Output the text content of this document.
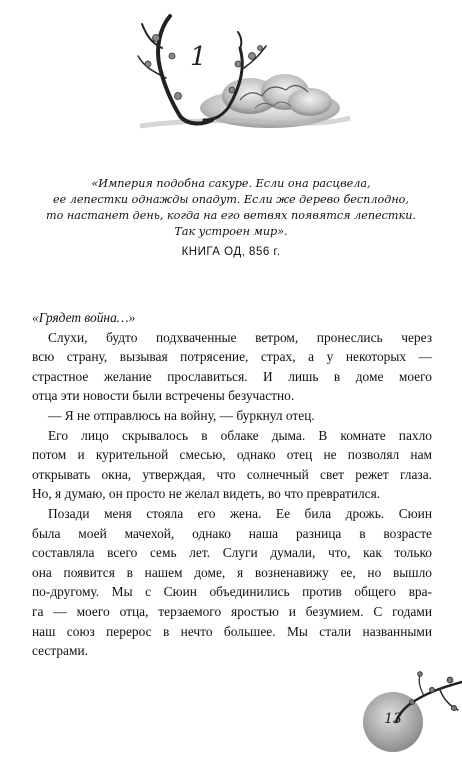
1
«Империя подобна сакуре. Если она расцвела,
ее лепестки однажды опадут. Если же дерево бесплодно,
то настанет день, когда на его ветвях появятся лепестки.
Так устроен мир».
КНИГА ОД, 856 г.
«Грядет война…»
Слухи, будто подхваченные ветром, пронеслись через
всю страну, вызывая потрясение, страх, а у некоторых —
страстное желание прославиться. И лишь в доме моего
отца эти новости были встречены безучастно.
— Я не отправлюсь на войну, — буркнул отец.
Его лицо скрывалось в облаке дыма. В комнате пахло
потом и курительной смесью, однако отец не позволял нам
открывать окна, утверждая, что солнечный свет режет глаза.
Но, я думаю, он просто не желал видеть, во что превратился.
Позади меня стояла его жена. Ее била дрожь. Сюин
была моей мачехой, однако наша разница в возрасте
составляла всего семь лет. Слуги думали, что, как только
она появится в нашем доме, я возненавижу ее, но вышло
по-другому. Мы с Сюин объединились против общего вра-
га — моего отца, терзаемого яростью и безумием. С годами
наш союз перерос в нечто большее. Мы стали названными
сестрами.
13
